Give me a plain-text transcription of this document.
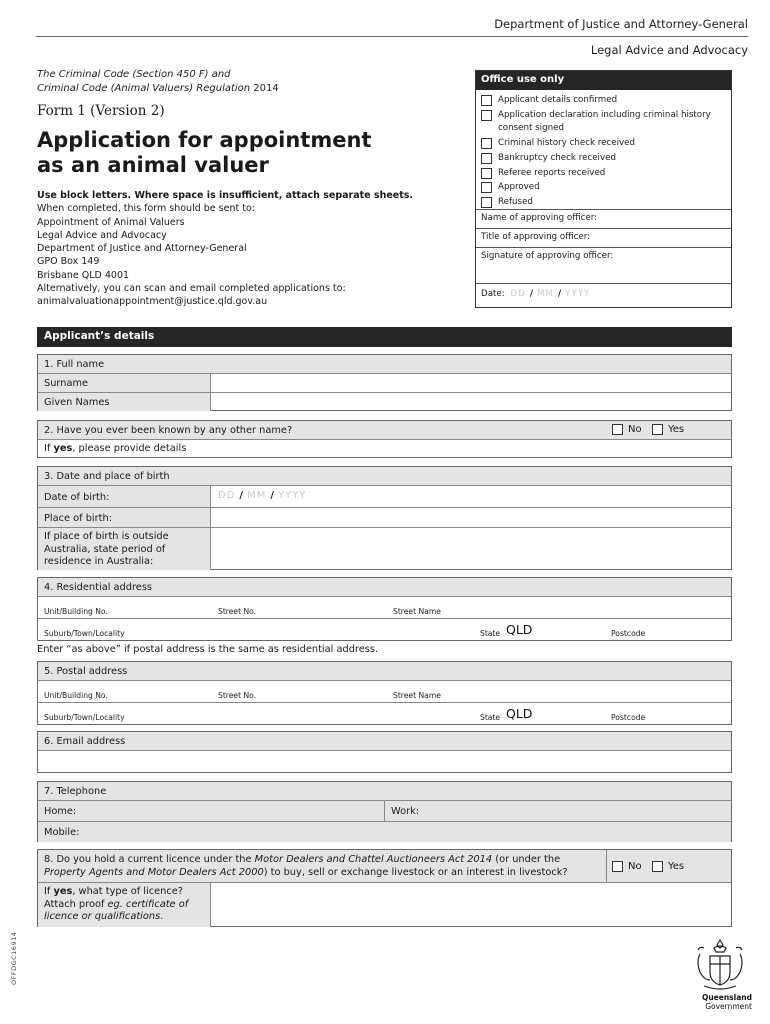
Department of Justice and Attorney-General
Legal Advice and Advocacy
The Criminal Code (Section 450 F) and
Criminal Code (Animal Valuers) Regulation 2014
Form 1 (Version 2)
Application for appointment
as an animal valuer
Use block letters. Where space is insufficient, attach separate sheets.
When completed, this form should be sent to:
Appointment of Animal Valuers
Legal Advice and Advocacy
Department of Justice and Attorney-General
GPO Box 149
Brisbane QLD 4001
Alternatively, you can scan and email completed applications to:
animalvaluationappointment@justice.qld.gov.au
Office use only
Applicant details confirmed
Application declaration including criminal history
consent signed
Criminal history check received
Bankruptcy check received
Referee reports received
Approved
Refused
Name of approving officer:
Title of approving officer:
Signature of approving officer:
Date: DD / MM / YYYY
Applicant’s details
1. Full name
Surname
Given Names
2. Have you ever been known by any other name?	No	Yes
If yes, please provide details
3. Date and place of birth
Date of birth:	DD / MM / YYYY
Place of birth:
If place of birth is outside
Australia, state period of
residence in Australia:
4. Residential address
Unit/Building No.	Street No.	Street Name
Suburb/Town/Locality	State QLD	Postcode
Enter “as above” if postal address is the same as residential address.
5. Postal address
Unit/Building No.	Street No.	Street Name
Suburb/Town/Locality	State QLD	Postcode
6. Email address
7. Telephone
Home:	Work:
Mobile:
8. Do you hold a current licence under the Motor Dealers and Chattel Auctioneers Act 2014 (or under the
Property Agents and Motor Dealers Act 2000) to buy, sell or exchange livestock or an interest in livestock?
No	Yes
If yes, what type of licence?
Attach proof eg. certificate of
licence or qualifications.
OFFDGC16914
Queensland
Government
